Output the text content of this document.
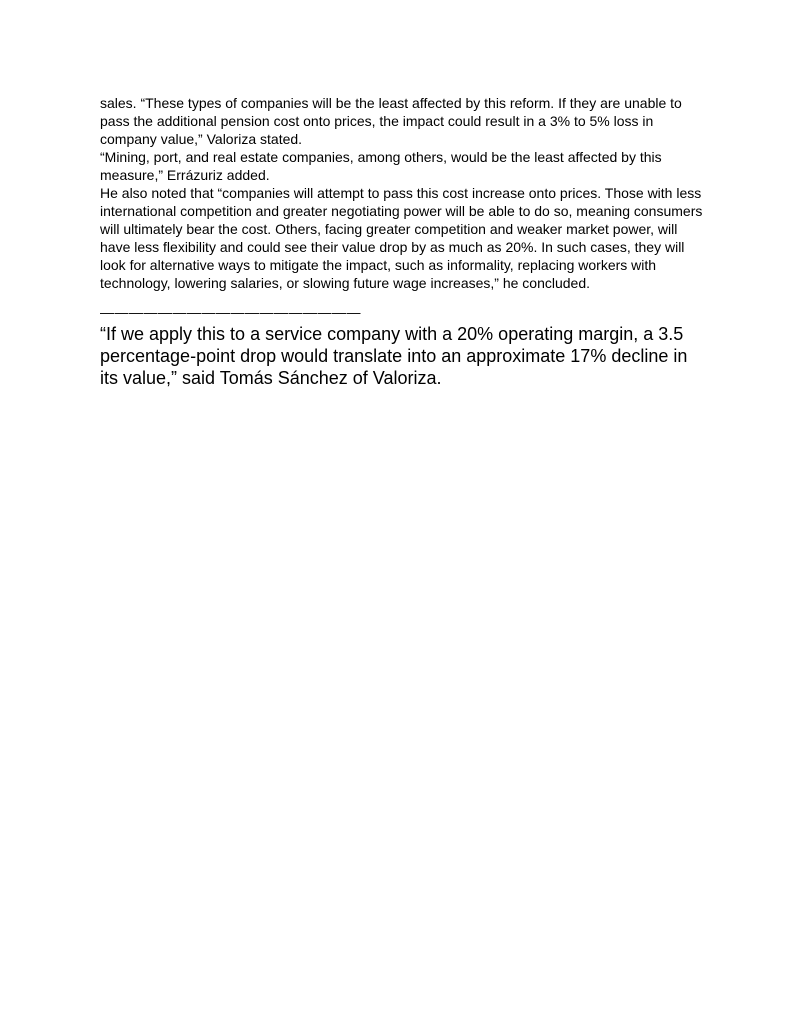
sales. “These types of companies will be the least affected by this reform. If they are unable to pass the additional pension cost onto prices, the impact could result in a 3% to 5% loss in company value,” Valoriza stated.

“Mining, port, and real estate companies, among others, would be the least affected by this measure,” Errázuriz added.

He also noted that “companies will attempt to pass this cost increase onto prices. Those with less international competition and greater negotiating power will be able to do so, meaning consumers will ultimately bear the cost. Others, facing greater competition and weaker market power, will have less flexibility and could see their value drop by as much as 20%. In such cases, they will look for alternative ways to mitigate the impact, such as informality, replacing workers with technology, lowering salaries, or slowing future wage increases,” he concluded.

——————————————————

“If we apply this to a service company with a 20% operating margin, a 3.5 percentage-point drop would translate into an approximate 17% decline in its value,” said Tomás Sánchez of Valoriza.
